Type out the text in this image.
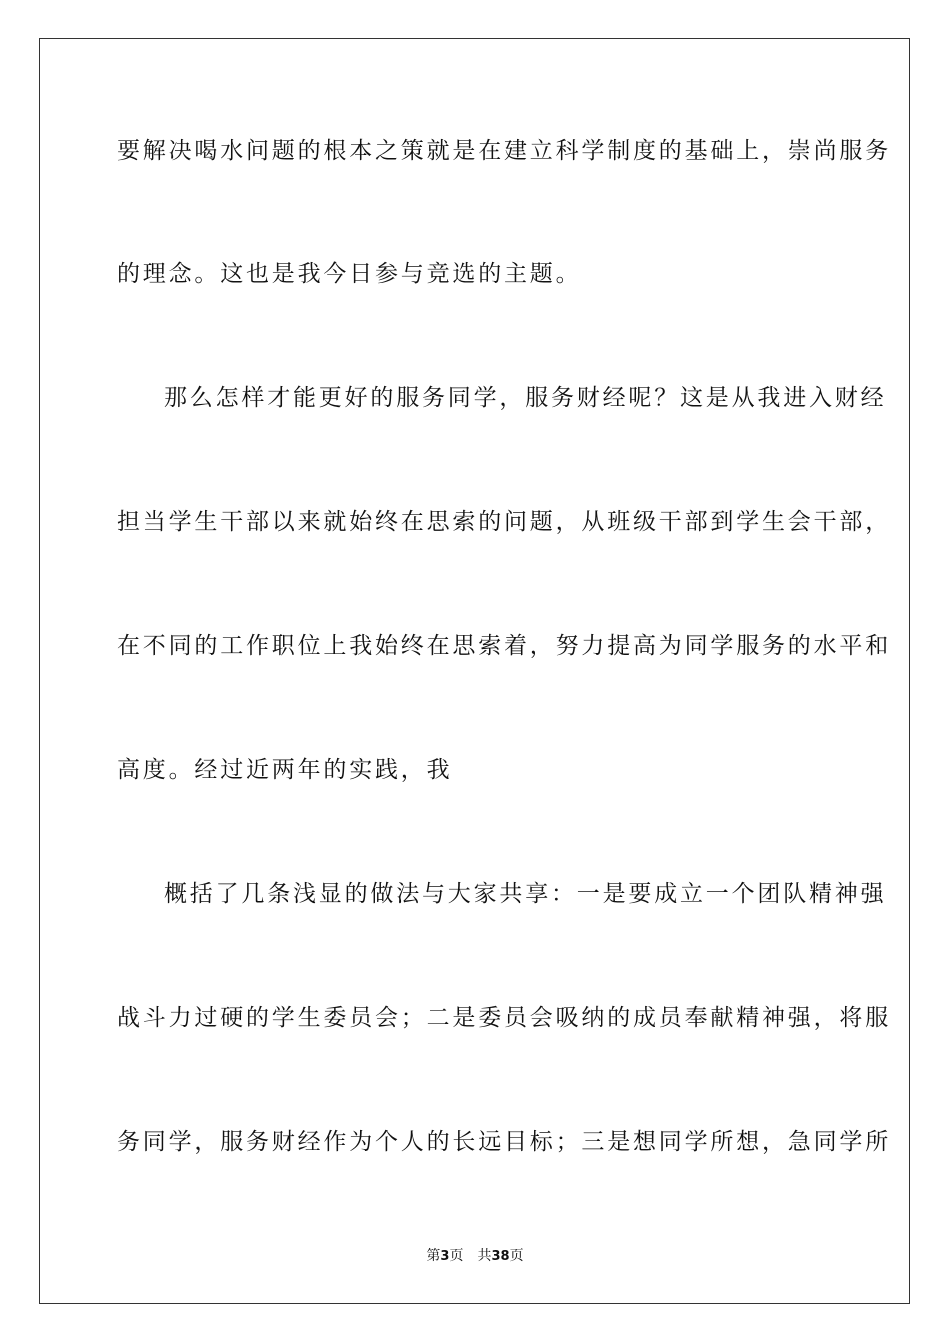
要解决喝水问题的根本之策就是在建立科学制度的基础上，崇尚服务
的理念。这也是我今日参与竞选的主题。
那么怎样才能更好的服务同学，服务财经呢？这是从我进入财经
担当学生干部以来就始终在思索的问题，从班级干部到学生会干部，
在不同的工作职位上我始终在思索着，努力提高为同学服务的水平和
高度。经过近两年的实践，我
概括了几条浅显的做法与大家共享：一是要成立一个团队精神强
战斗力过硬的学生委员会；二是委员会吸纳的成员奉献精神强，将服
务同学，服务财经作为个人的长远目标；三是想同学所想，急同学所
第3页 共38页
